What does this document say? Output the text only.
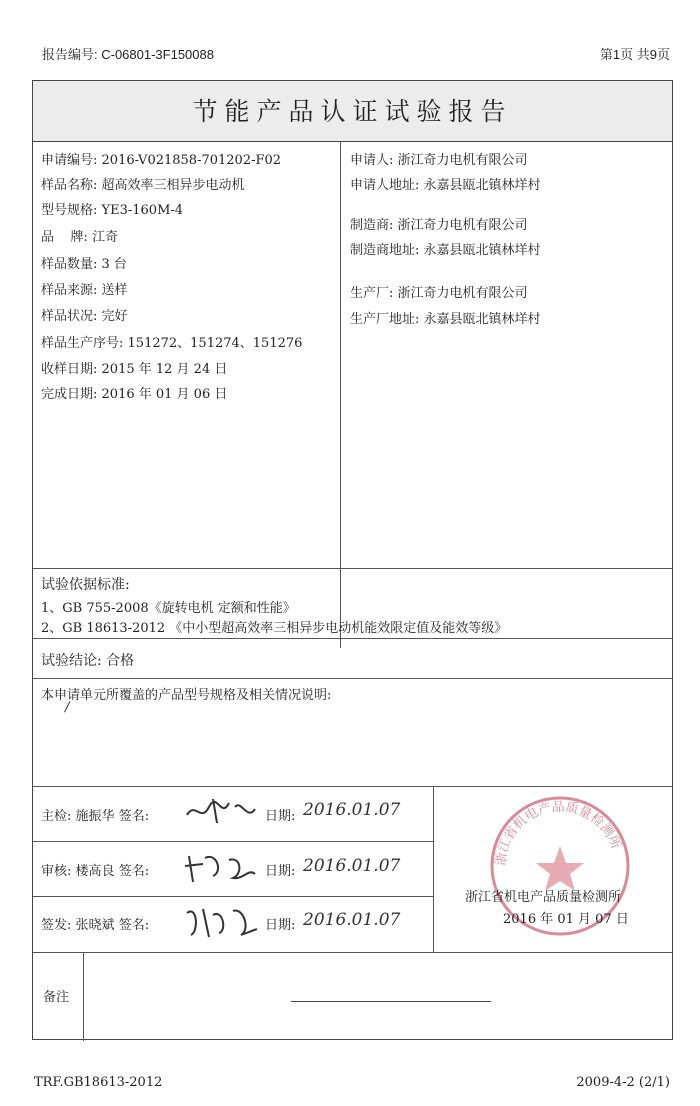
报告编号: C-06801-3F150088	第1页 共9页
节能产品认证试验报告
申请编号: 2016-V021858-701202-F02
样品名称: 超高效率三相异步电动机
型号规格: YE3-160M-4
品    牌: 江奇
样品数量: 3 台
样品来源: 送样
样品状况: 完好
样品生产序号: 151272、151274、151276
收样日期: 2015 年 12 月 24 日
完成日期: 2016 年 01 月 06 日
申请人: 浙江奇力电机有限公司
申请人地址: 永嘉县瓯北镇林垟村
制造商: 浙江奇力电机有限公司
制造商地址: 永嘉县瓯北镇林垟村
生产厂: 浙江奇力电机有限公司
生产厂地址: 永嘉县瓯北镇林垟村
试验依据标准:
1、GB 755-2008《旋转电机 定额和性能》
2、GB 18613-2012 《中小型超高效率三相异步电动机能效限定值及能效等级》
试验结论: 合格
本申请单元所覆盖的产品型号规格及相关情况说明:
/
主检: 施振华 签名:	日期: 2016.01.07
审核: 楼高良 签名:	日期: 2016.01.07
签发: 张晓斌 签名:	日期: 2016.01.07
浙江省机电产品质量检测所
浙江省机电产品质量检测所
2016 年 01 月 07 日
备注
TRF.GB18613-2012	2009-4-2 (2/1)
